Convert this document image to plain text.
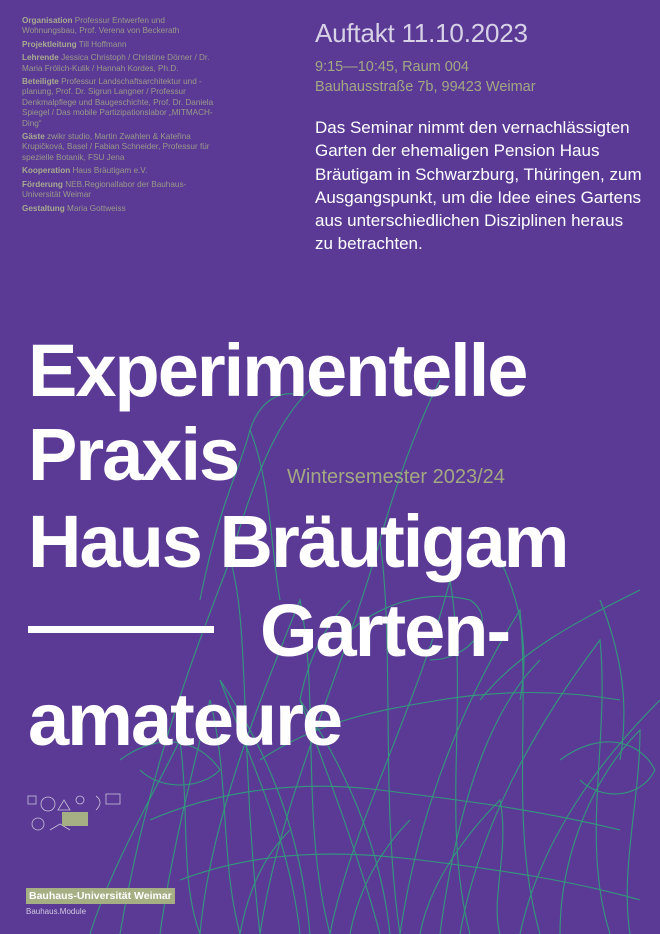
Organisation Professur Entwerfen und Wohnungsbau, Prof. Verena von Beckerath
Projektleitung Till Hoffmann
Lehrende Jessica Christoph / Christine Dörner / Dr. Maria Frölich-Kulik / Hannah Kordes, Ph.D.
Beteiligte Professur Landschaftsarchitektur und -planung, Prof. Dr. Sigrun Langner / Professur Denkmalpflege und Baugeschichte, Prof. Dr. Daniela Spiegel / Das mobile Partizipationslabor „MITMACH-Ding“
Gäste zwikr studio, Martin Zwahlen & Kateřina Krupičková, Basel / Fabian Schneider, Professur für spezielle Botanik, FSU Jena
Kooperation Haus Bräutigam e.V.
Förderung NEB.Regionallabor der Bauhaus-Universität Weimar
Gestaltung Maria Gottweiss
Auftakt 11.10.2023
9:15—10:45, Raum 004
Bauhausstraße 7b, 99423 Weimar
Das Seminar nimmt den vernachlässigten Garten der ehemaligen Pension Haus Bräutigam in Schwarzburg, Thüringen, zum Ausgangspunkt, um die Idee eines Gartens aus unterschiedlichen Disziplinen heraus zu betrachten.
Experimentelle
Praxis Wintersemester 2023/24
Haus Bräutigam
Garten-
amateure
Bauhaus-Universität Weimar
Bauhaus.Module
